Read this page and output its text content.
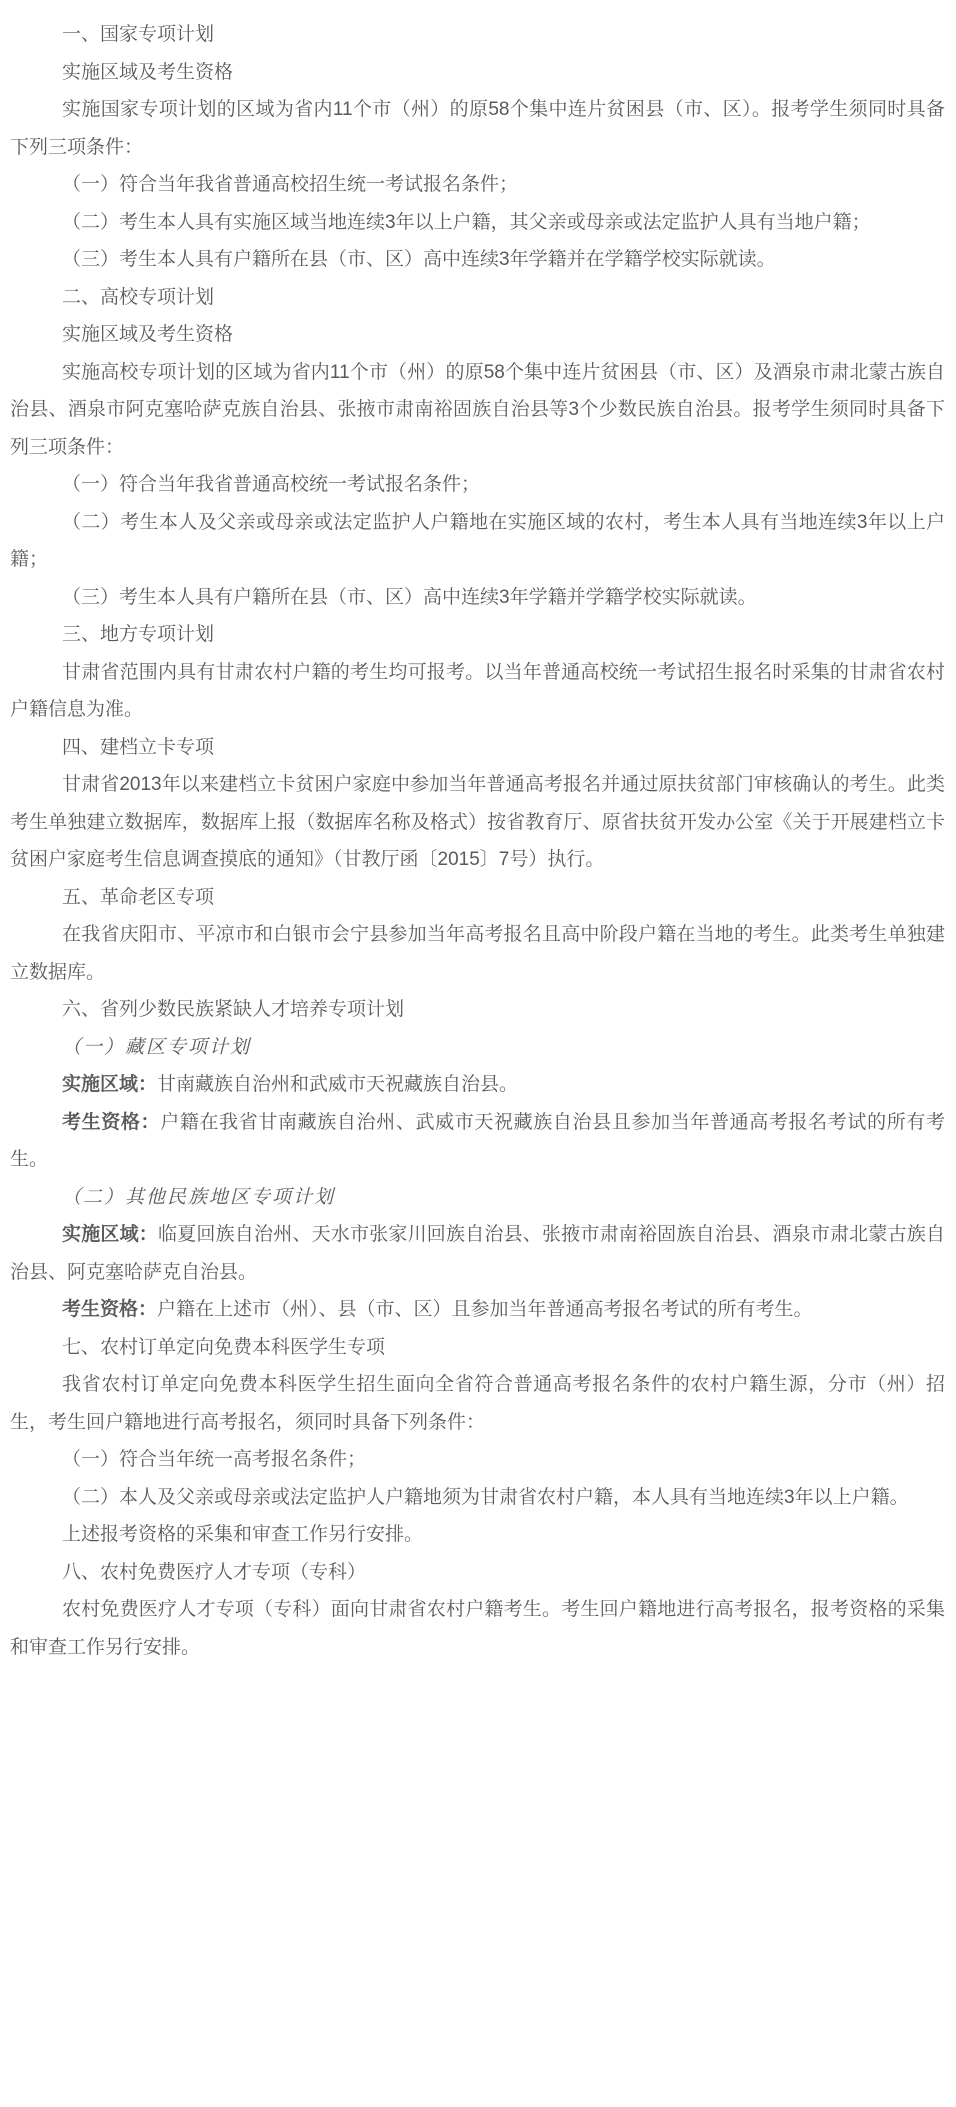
一、国家专项计划

实施区域及考生资格

实施国家专项计划的区域为省内11个市（州）的原58个集中连片贫困县（市、区）。报考学生须同时具备下列三项条件：

（一）符合当年我省普通高校招生统一考试报名条件；

（二）考生本人具有实施区域当地连续3年以上户籍，其父亲或母亲或法定监护人具有当地户籍；

（三）考生本人具有户籍所在县（市、区）高中连续3年学籍并在学籍学校实际就读。

二、高校专项计划

实施区域及考生资格

实施高校专项计划的区域为省内11个市（州）的原58个集中连片贫困县（市、区）及酒泉市肃北蒙古族自治县、酒泉市阿克塞哈萨克族自治县、张掖市肃南裕固族自治县等3个少数民族自治县。报考学生须同时具备下列三项条件：

（一）符合当年我省普通高校统一考试报名条件；

（二）考生本人及父亲或母亲或法定监护人户籍地在实施区域的农村，考生本人具有当地连续3年以上户籍；

（三）考生本人具有户籍所在县（市、区）高中连续3年学籍并学籍学校实际就读。

三、地方专项计划

甘肃省范围内具有甘肃农村户籍的考生均可报考。以当年普通高校统一考试招生报名时采集的甘肃省农村户籍信息为准。

四、建档立卡专项

甘肃省2013年以来建档立卡贫困户家庭中参加当年普通高考报名并通过原扶贫部门审核确认的考生。此类考生单独建立数据库，数据库上报（数据库名称及格式）按省教育厅、原省扶贫开发办公室《关于开展建档立卡贫困户家庭考生信息调查摸底的通知》（甘教厅函〔2015〕7号）执行。

五、革命老区专项

在我省庆阳市、平凉市和白银市会宁县参加当年高考报名且高中阶段户籍在当地的考生。此类考生单独建立数据库。

六、省列少数民族紧缺人才培养专项计划

（一）藏区专项计划

实施区域：甘南藏族自治州和武威市天祝藏族自治县。

考生资格：户籍在我省甘南藏族自治州、武威市天祝藏族自治县且参加当年普通高考报名考试的所有考生。

（二）其他民族地区专项计划

实施区域：临夏回族自治州、天水市张家川回族自治县、张掖市肃南裕固族自治县、酒泉市肃北蒙古族自治县、阿克塞哈萨克自治县。

考生资格：户籍在上述市（州）、县（市、区）且参加当年普通高考报名考试的所有考生。

七、农村订单定向免费本科医学生专项

我省农村订单定向免费本科医学生招生面向全省符合普通高考报名条件的农村户籍生源，分市（州）招生，考生回户籍地进行高考报名，须同时具备下列条件：

（一）符合当年统一高考报名条件；

（二）本人及父亲或母亲或法定监护人户籍地须为甘肃省农村户籍，本人具有当地连续3年以上户籍。

上述报考资格的采集和审查工作另行安排。

八、农村免费医疗人才专项（专科）

农村免费医疗人才专项（专科）面向甘肃省农村户籍考生。考生回户籍地进行高考报名，报考资格的采集和审查工作另行安排。
